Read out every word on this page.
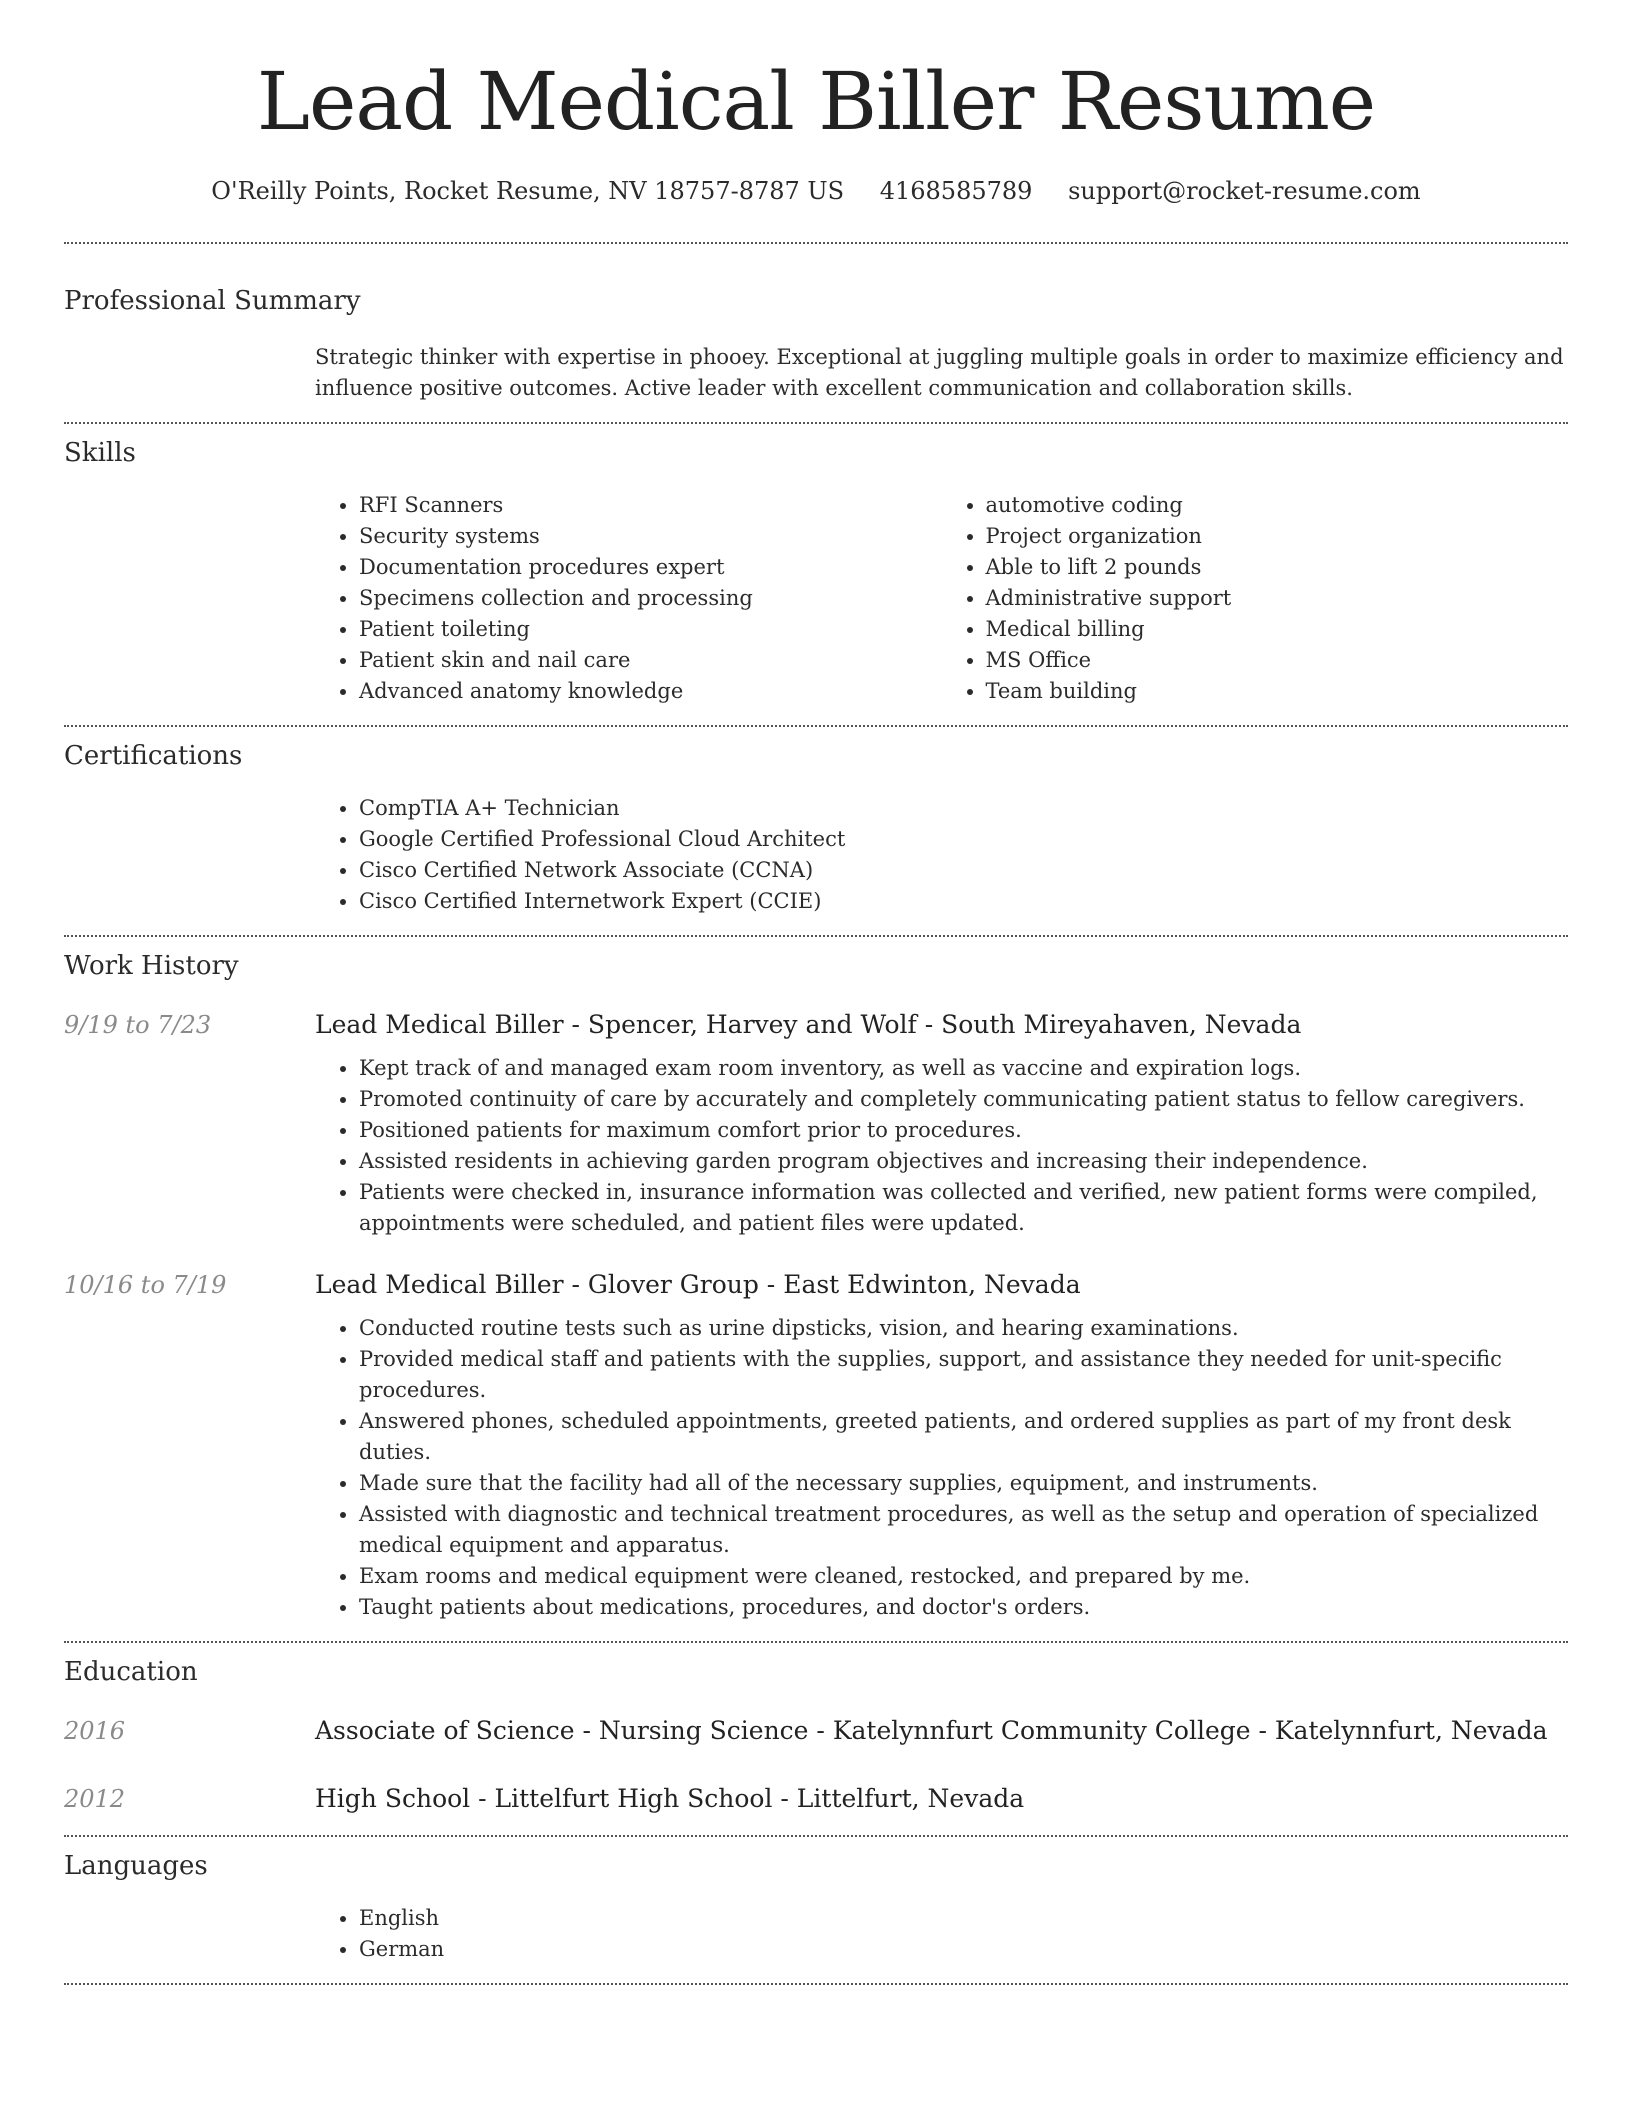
Lead Medical Biller Resume
O'Reilly Points, Rocket Resume, NV 18757-8787 US 4168585789 support@rocket-resume.com
Professional Summary

Strategic thinker with expertise in phooey. Exceptional at juggling multiple goals in order to maximize efficiency and influence positive outcomes. Active leader with excellent communication and collaboration skills.

Skills
• RFI Scanners
• Security systems
• Documentation procedures expert
• Specimens collection and processing
• Patient toileting
• Patient skin and nail care
• Advanced anatomy knowledge
• automotive coding
• Project organization
• Able to lift 2 pounds
• Administrative support
• Medical billing
• MS Office
• Team building
Certifications
• CompTIA A+ Technician
• Google Certified Professional Cloud Architect
• Cisco Certified Network Associate (CCNA)
• Cisco Certified Internetwork Expert (CCIE)
Work History
9/19 to 7/23	Lead Medical Biller - Spencer, Harvey and Wolf - South Mireyahaven, Nevada
• Kept track of and managed exam room inventory, as well as vaccine and expiration logs.
• Promoted continuity of care by accurately and completely communicating patient status to fellow caregivers.
• Positioned patients for maximum comfort prior to procedures.
• Assisted residents in achieving garden program objectives and increasing their independence.
• Patients were checked in, insurance information was collected and verified, new patient forms were compiled, appointments were scheduled, and patient files were updated.
10/16 to 7/19	Lead Medical Biller - Glover Group - East Edwinton, Nevada
• Conducted routine tests such as urine dipsticks, vision, and hearing examinations.
• Provided medical staff and patients with the supplies, support, and assistance they needed for unit-specific procedures.
• Answered phones, scheduled appointments, greeted patients, and ordered supplies as part of my front desk duties.
• Made sure that the facility had all of the necessary supplies, equipment, and instruments.
• Assisted with diagnostic and technical treatment procedures, as well as the setup and operation of specialized medical equipment and apparatus.
• Exam rooms and medical equipment were cleaned, restocked, and prepared by me.
• Taught patients about medications, procedures, and doctor's orders.
Education
2016	Associate of Science - Nursing Science - Katelynnfurt Community College - Katelynnfurt, Nevada
2012	High School - Littelfurt High School - Littelfurt, Nevada
Languages
• English
• German
